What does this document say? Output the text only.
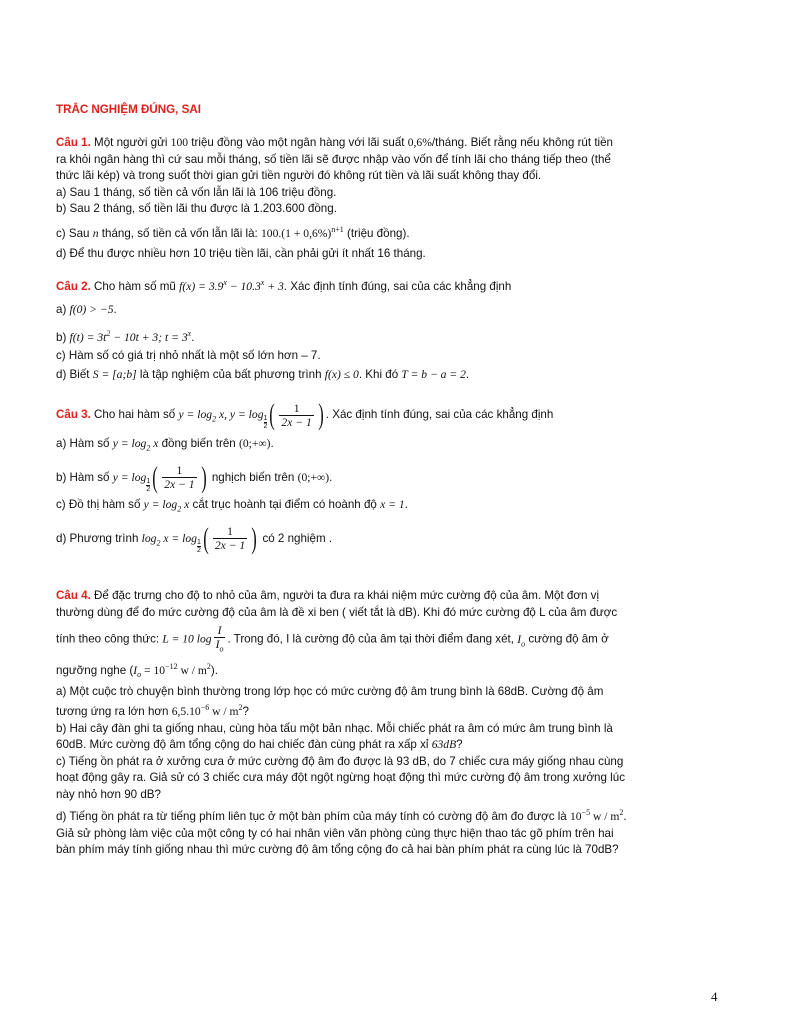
TRẮC NGHIỆM ĐÚNG, SAI
Câu 1. Một người gửi 100 triệu đồng vào một ngân hàng với lãi suất 0,6%/tháng. Biết rằng nếu không rút tiền
ra khỏi ngân hàng thì cứ sau mỗi tháng, số tiền lãi sẽ được nhập vào vốn để tính lãi cho tháng tiếp theo (thể
thức lãi kép) và trong suốt thời gian gửi tiền người đó không rút tiền và lãi suất không thay đổi.
a) Sau 1 tháng, số tiền cả vốn lẫn lãi là 106 triệu đồng.
b) Sau 2 tháng, số tiền lãi thu được là 1.203.600 đồng.
c) Sau n tháng, số tiền cả vốn lẫn lãi là: $100.(1 + 0,6\%)^{n+1}$ (triệu đồng).
d) Để thu được nhiều hơn 10 triệu tiền lãi, cần phải gửi ít nhất 16 tháng.
Câu 2. Cho hàm số mũ $f(x) = 3.9^x - 10.3^x + 3$. Xác định tính đúng, sai của các khẳng định
a) f(0) > −5.
b) $f(t) = 3t^2 - 10t + 3$; $t = 3^x$.
c) Hàm số có giá trị nhỏ nhất là một số lớn hơn – 7.
d) Biết S = [a;b] là tập nghiệm của bất phương trình f(x) ≤ 0. Khi đó T = b − a = 2.
Câu 3. Cho hai hàm số $y = \log_2 x$, y = log
$_{\frac{1}{2}}$ ( $\frac{1}{2x - 1}$ ) . Xác định tính đúng, sai của các khẳng định
a) Hàm số $y = \log_2 x$ đồng biến trên (0;+∞).
b) Hàm số y = log
$_{\frac{1}{2}}$ ( $\frac{1}{2x - 1}$ ) nghịch biến trên (0;+∞).
c) Đồ thị hàm số $y = \log_2 x$ cắt trục hoành tại điểm có hoành độ x = 1.
d) Phương trình $\log_2 x = \log$
$_{\frac{1}{2}}$ ( $\frac{1}{2x - 1}$ ) có 2 nghiệm .
Câu 4. Để đặc trưng cho độ to nhỏ của âm, người ta đưa ra khái niệm mức cường độ của âm. Một đơn vị
thường dùng để đo mức cường độ của âm là đề xi ben ( viết tắt là dB). Khi đó mức cường độ L của âm được
tính theo công thức: L = 10 $\log \frac{I}{I_o}$ . Trong đó, I là cường độ của âm tại thời điểm đang xét, $I_o$ cường độ âm ở
ngưỡng nghe ($I_o = 10^{-12}$ w / $m^2$).
a) Một cuộc trò chuyện bình thường trong lớp học có mức cường độ âm trung bình là 68dB. Cường độ âm
tương ứng ra lớn hơn $6,5.10^{-6}$ w / $m^2$?
b) Hai cây đàn ghi ta giống nhau, cùng hòa tấu một bản nhạc. Mỗi chiếc phát ra âm có mức âm trung bình là
60dB. Mức cường độ âm tổng cộng do hai chiếc đàn cùng phát ra xấp xỉ 63dB?
c) Tiếng ồn phát ra ở xưởng cưa ở mức cường độ âm đo được là 93 dB, do 7 chiếc cưa máy giống nhau cùng
hoạt động gây ra. Giả sử có 3 chiếc cưa máy đột ngột ngừng hoạt động thì mức cường độ âm trong xưởng lúc
này nhỏ hơn 90 dB?
d) Tiếng ồn phát ra từ tiếng phím liên tục ở một bàn phím của máy tính có cường độ âm đo được là $10^{-5}$ w / $m^2$.
Giả sử phòng làm việc của một công ty có hai nhân viên văn phòng cùng thực hiện thao tác gõ phím trên hai
bàn phím máy tính giống nhau thì mức cường độ âm tổng cộng đo cả hai bàn phím phát ra cùng lúc là 70dB?
4
